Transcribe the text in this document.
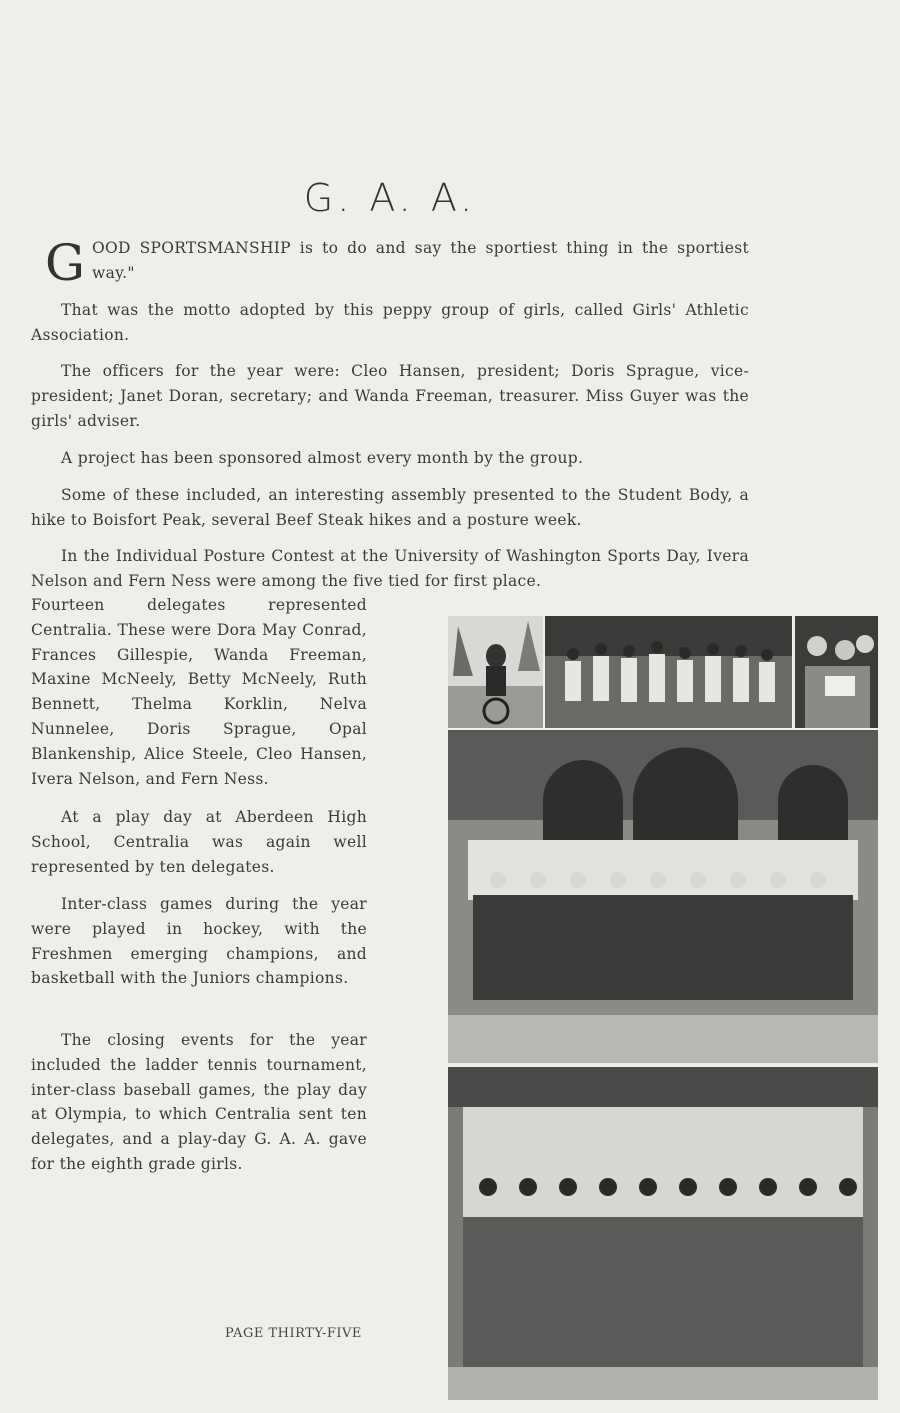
G. A. A.
G OOD SPORTSMANSHIP is to do and say the sportiest thing in the sportiest way."

That was the motto adopted by this peppy group of girls, called Girls' Athletic Association.

The officers for the year were: Cleo Hansen, president; Doris Sprague, vice-president; Janet Doran, secretary; and Wanda Freeman, treasurer. Miss Guyer was the girls' adviser.

A project has been sponsored almost every month by the group.

Some of these included, an interesting assembly presented to the Student Body, a hike to Boisfort Peak, several Beef Steak hikes and a posture week.

In the Individual Posture Contest at the University of Washington Sports Day, Ivera Nelson and Fern Ness were among the five tied for first place.

Fourteen delegates represented Centralia. These were Dora May Conrad, Frances Gillespie, Wanda Freeman, Maxine McNeely, Betty McNeely, Ruth Bennett, Thelma Korklin, Nelva Nunnelee, Doris Sprague, Opal Blankenship, Alice Steele, Cleo Hansen, Ivera Nelson, and Fern Ness.

At a play day at Aberdeen High School, Centralia was again well represented by ten delegates.

Inter-class games during the year were played in hockey, with the Freshmen emerging champions, and basketball with the Juniors champions.

The closing events for the year included the ladder tennis tournament, inter-class baseball games, the play day at Olympia, to which Centralia sent ten delegates, and a play-day G. A. A. gave for the eighth grade girls.

PAGE THIRTY-FIVE
